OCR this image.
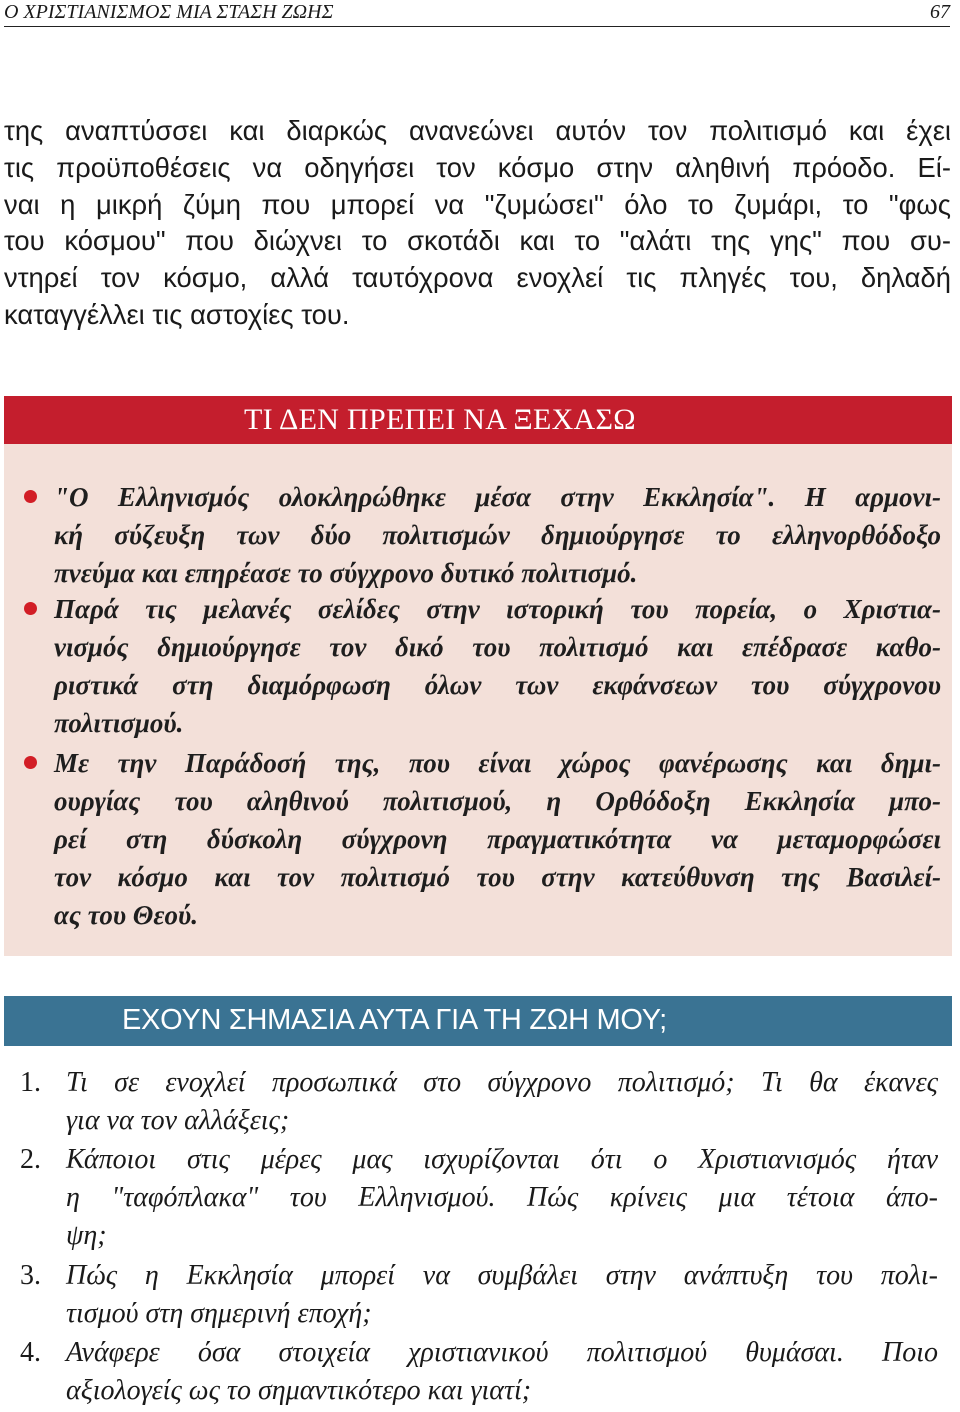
Ο ΧΡΙΣΤΙΑΝΙΣΜΟΣ ΜΙΑ ΣΤΑΣΗ ΖΩΗΣ	67
της αναπτύσσει και διαρκώς ανανεώνει αυτόν τον πολιτισμό και έχει
τις προϋποθέσεις να οδηγήσει τον κόσμο στην αληθινή πρόοδο. Εί-
ναι η μικρή ζύμη που μπορεί να "ζυμώσει" όλο το ζυμάρι, το "φως
του κόσμου" που διώχνει το σκοτάδι και το "αλάτι της γης" που συ-
ντηρεί τον κόσμο, αλλά ταυτόχρονα ενοχλεί τις πληγές του, δηλαδή
καταγγέλλει τις αστοχίες του.
ΤΙ ΔΕΝ ΠΡΕΠΕΙ ΝΑ ΞΕΧΑΣΩ
"Ο Ελληνισμός ολοκληρώθηκε μέσα στην Εκκλησία". Η αρμονι-
κή σύζευξη των δύο πολιτισμών δημιούργησε το ελληνορθόδοξο
πνεύμα και επηρέασε το σύγχρονο δυτικό πολιτισμό.
Παρά τις μελανές σελίδες στην ιστορική του πορεία, ο Χριστια-
νισμός δημιούργησε τον δικό του πολιτισμό και επέδρασε καθο-
ριστικά στη διαμόρφωση όλων των εκφάνσεων του σύγχρονου
πολιτισμού.
Με την Παράδοσή της, που είναι χώρος φανέρωσης και δημι-
ουργίας του αληθινού πολιτισμού, η Ορθόδοξη Εκκλησία μπο-
ρεί στη δύσκολη σύγχρονη πραγματικότητα να μεταμορφώσει
τον κόσμο και τον πολιτισμό του στην κατεύθυνση της Βασιλεί-
ας του Θεού.
ΕΧΟΥΝ ΣΗΜΑΣΙΑ ΑΥΤΑ ΓΙΑ ΤΗ ΖΩΗ ΜΟΥ;
1. Τι σε ενοχλεί προσωπικά στο σύγχρονο πολιτισμό; Τι θα έκανες
για να τον αλλάξεις;
2. Κάποιοι στις μέρες μας ισχυρίζονται ότι ο Χριστιανισμός ήταν
η "ταφόπλακα" του Ελληνισμού. Πώς κρίνεις μια τέτοια άπο-
ψη;
3. Πώς η Εκκλησία μπορεί να συμβάλει στην ανάπτυξη του πολι-
τισμού στη σημερινή εποχή;
4. Ανάφερε όσα στοιχεία χριστιανικού πολιτισμού θυμάσαι. Ποιο
αξιολογείς ως το σημαντικότερο και γιατί;
